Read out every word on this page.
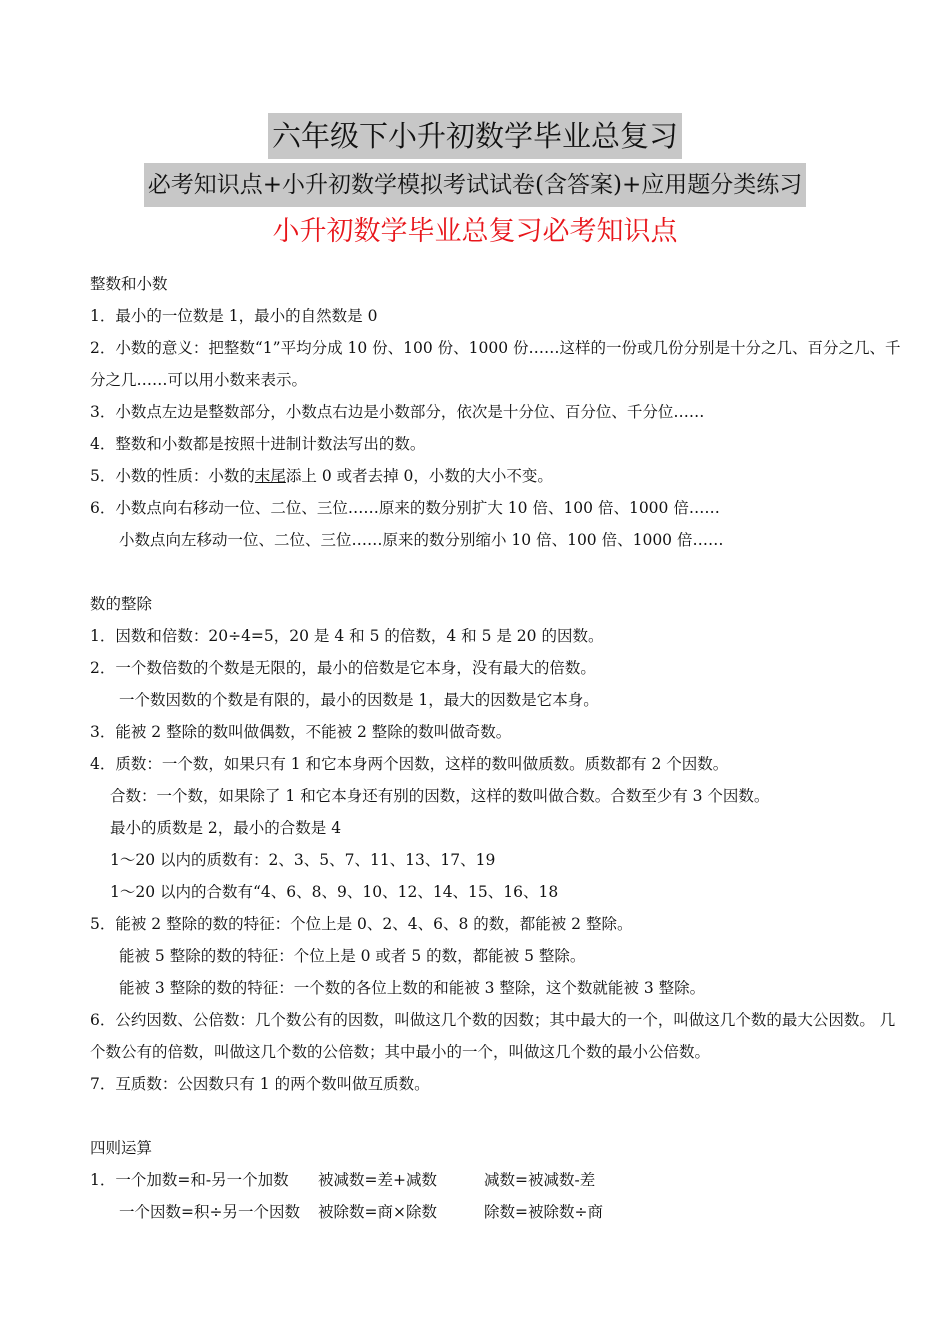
六年级下小升初数学毕业总复习
必考知识点+小升初数学模拟考试试卷(含答案)+应用题分类练习
小升初数学毕业总复习必考知识点
整数和小数
1．最小的一位数是 1，最小的自然数是 0
2．小数的意义：把整数“1”平均分成 10 份、100 份、1000 份……这样的一份或几份分别是十分之几、百分之几、千分之几……可以用小数来表示。
3．小数点左边是整数部分，小数点右边是小数部分，依次是十分位、百分位、千分位……
4．整数和小数都是按照十进制计数法写出的数。
5．小数的性质：小数的末尾添上 0 或者去掉 0，小数的大小不变。
6．小数点向右移动一位、二位、三位……原来的数分别扩大 10 倍、100 倍、1000 倍……
小数点向左移动一位、二位、三位……原来的数分别缩小 10 倍、100 倍、1000 倍……
数的整除
1．因数和倍数：20÷4=5，20 是 4 和 5 的倍数，4 和 5 是 20 的因数。
2．一个数倍数的个数是无限的，最小的倍数是它本身，没有最大的倍数。
一个数因数的个数是有限的，最小的因数是 1，最大的因数是它本身。
3．能被 2 整除的数叫做偶数，不能被 2 整除的数叫做奇数。
4．质数：一个数，如果只有 1 和它本身两个因数，这样的数叫做质数。质数都有 2 个因数。
合数：一个数，如果除了 1 和它本身还有别的因数，这样的数叫做合数。合数至少有 3 个因数。
最小的质数是 2，最小的合数是 4
1～20 以内的质数有：2、3、5、7、11、13、17、19
1～20 以内的合数有“4、6、8、9、10、12、14、15、16、18
5．能被 2 整除的数的特征：个位上是 0、2、4、6、8 的数，都能被 2 整除。
能被 5 整除的数的特征：个位上是 0 或者 5 的数，都能被 5 整除。
能被 3 整除的数的特征：一个数的各位上数的和能被 3 整除，这个数就能被 3 整除。
6．公约因数、公倍数：几个数公有的因数，叫做这几个数的因数；其中最大的一个，叫做这几个数的最大公因数。 几个数公有的倍数，叫做这几个数的公倍数；其中最小的一个，叫做这几个数的最小公倍数。
7．互质数：公因数只有 1 的两个数叫做互质数。
四则运算
1．一个加数=和-另一个加数 被减数=差+减数	减数=被减数-差
一个因数=积÷另一个因数 被除数=商×除数	除数=被除数÷商
